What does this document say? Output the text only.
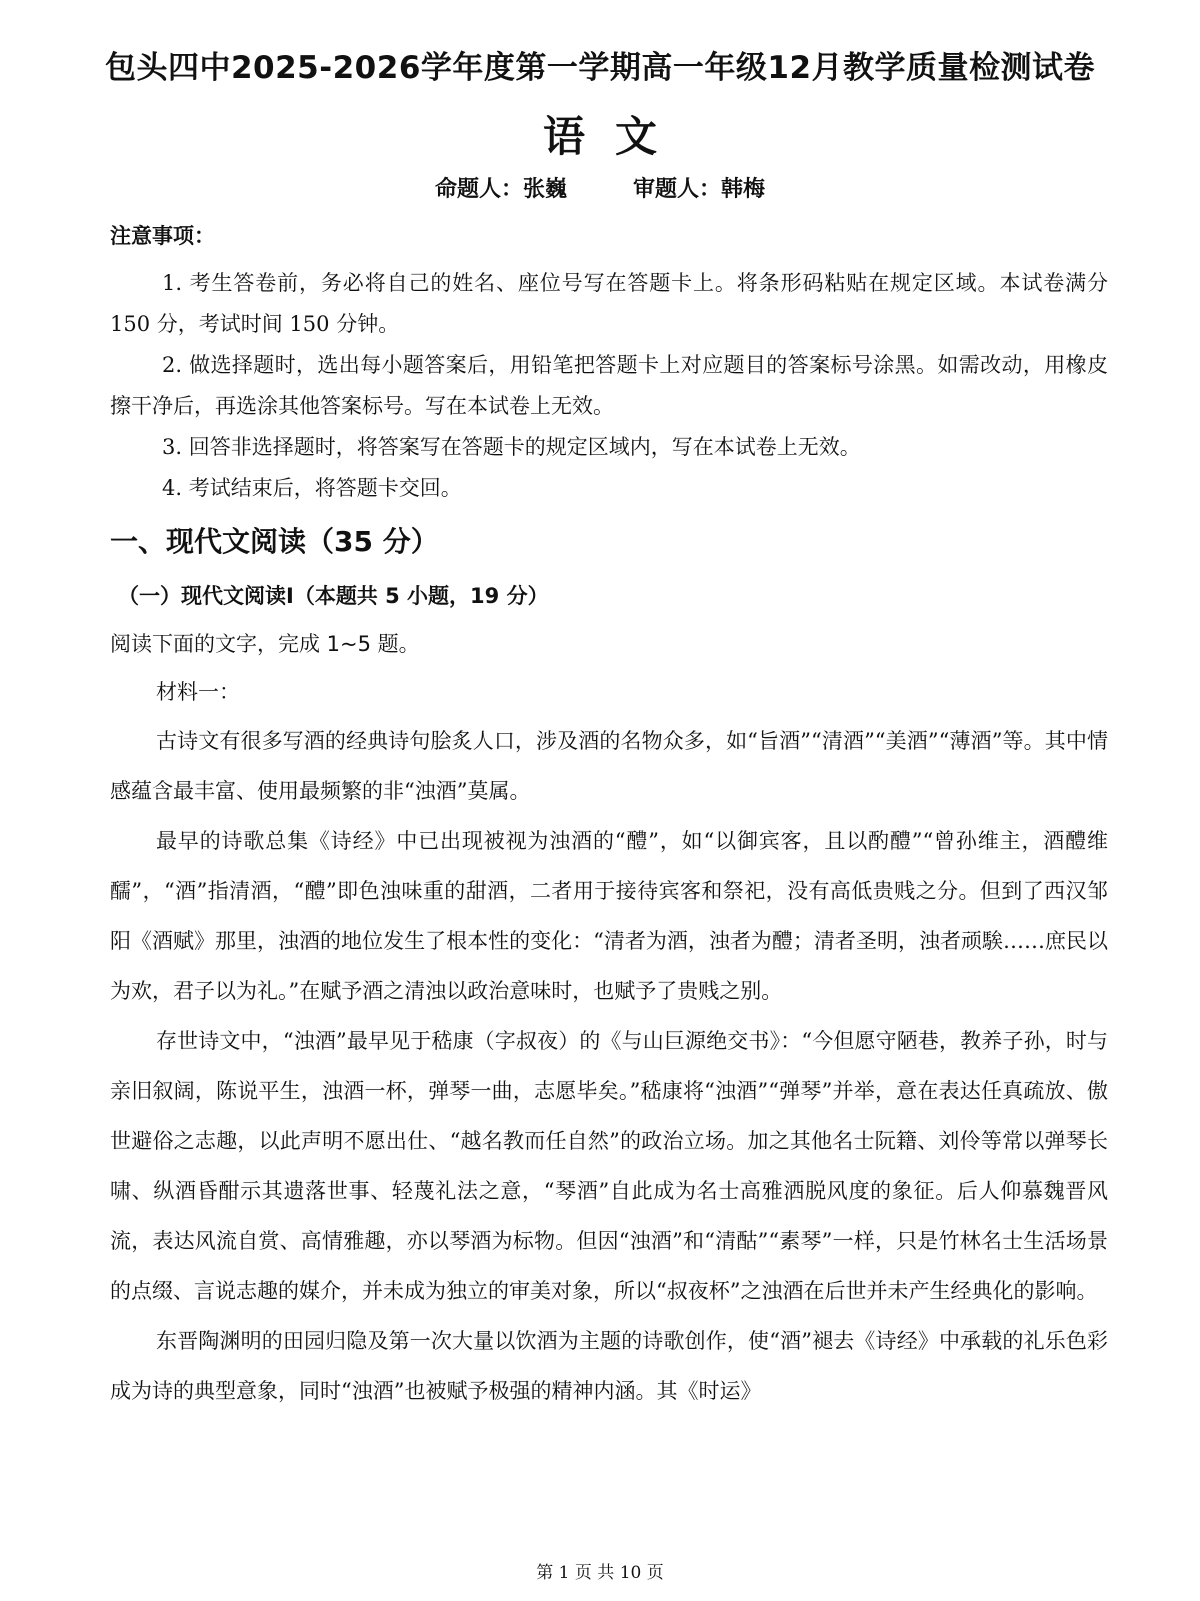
包头四中2025-2026学年度第一学期高一年级12月教学质量检测试卷
语文
命题人：张巍　　　审题人：韩梅
注意事项：

1. 考生答卷前，务必将自己的姓名、座位号写在答题卡上。将条形码粘贴在规定区域。本试卷满分 150 分，考试时间 150 分钟。

2. 做选择题时，选出每小题答案后，用铅笔把答题卡上对应题目的答案标号涂黑。如需改动，用橡皮擦干净后，再选涂其他答案标号。写在本试卷上无效。

3. 回答非选择题时，将答案写在答题卡的规定区域内，写在本试卷上无效。

4. 考试结束后，将答题卡交回。

一、现代文阅读（35 分）
（一）现代文阅读Ⅰ（本题共 5 小题，19 分）
阅读下面的文字，完成 1~5 题。
材料一：

古诗文有很多写酒的经典诗句脍炙人口，涉及酒的名物众多，如“旨酒”“清酒”“美酒”“薄酒”等。其中情感蕴含最丰富、使用最频繁的非“浊酒”莫属。

最早的诗歌总集《诗经》中已出现被视为浊酒的“醴”，如“以御宾客，且以酌醴”“曾孙维主，酒醴维醹”，“酒”指清酒，“醴”即色浊味重的甜酒，二者用于接待宾客和祭祀，没有高低贵贱之分。但到了西汉邹阳《酒赋》那里，浊酒的地位发生了根本性的变化：“清者为酒，浊者为醴；清者圣明，浊者顽騃……庶民以为欢，君子以为礼。”在赋予酒之清浊以政治意味时，也赋予了贵贱之别。

存世诗文中，“浊酒”最早见于嵇康（字叔夜）的《与山巨源绝交书》：“今但愿守陋巷，教养子孙，时与亲旧叙阔，陈说平生，浊酒一杯，弹琴一曲，志愿毕矣。”嵇康将“浊酒”“弹琴”并举，意在表达任真疏放、傲世避俗之志趣，以此声明不愿出仕、“越名教而任自然”的政治立场。加之其他名士阮籍、刘伶等常以弹琴长啸、纵酒昏酣示其遗落世事、轻蔑礼法之意，“琴酒”自此成为名士高雅洒脱风度的象征。后人仰慕魏晋风流，表达风流自赏、高情雅趣，亦以琴酒为标物。但因“浊酒”和“清酤”“素琴”一样，只是竹林名士生活场景的点缀、言说志趣的媒介，并未成为独立的审美对象，所以“叔夜杯”之浊酒在后世并未产生经典化的影响。

东晋陶渊明的田园归隐及第一次大量以饮酒为主题的诗歌创作，使“酒”褪去《诗经》中承载的礼乐色彩成为诗的典型意象，同时“浊酒”也被赋予极强的精神内涵。其《时运》

第 1 页 共 10 页
